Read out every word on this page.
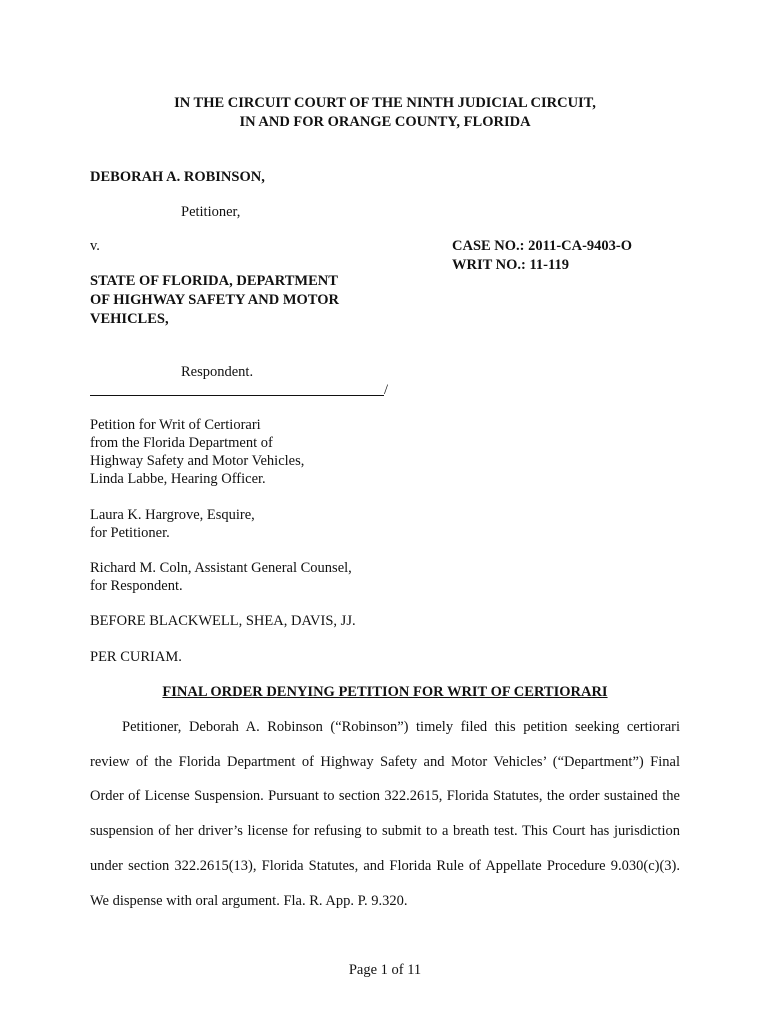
IN THE CIRCUIT COURT OF THE NINTH JUDICIAL CIRCUIT,
IN AND FOR ORANGE COUNTY, FLORIDA
DEBORAH A. ROBINSON,
Petitioner,
v.	CASE NO.: 2011-CA-9403-O
WRIT NO.: 11-119
STATE OF FLORIDA, DEPARTMENT
OF HIGHWAY SAFETY AND MOTOR
VEHICLES,
Respondent.
/
Petition for Writ of Certiorari
from the Florida Department of
Highway Safety and Motor Vehicles,
Linda Labbe, Hearing Officer.
Laura K. Hargrove, Esquire,
for Petitioner.
Richard M. Coln, Assistant General Counsel,
for Respondent.
BEFORE BLACKWELL, SHEA, DAVIS, JJ.
PER CURIAM.
FINAL ORDER DENYING PETITION FOR WRIT OF CERTIORARI
Petitioner, Deborah A. Robinson (“Robinson”) timely filed this petition seeking certiorari review of the Florida Department of Highway Safety and Motor Vehicles’ (“Department”) Final Order of License Suspension. Pursuant to section 322.2615, Florida Statutes, the order sustained the suspension of her driver’s license for refusing to submit to a breath test. This Court has jurisdiction under section 322.2615(13), Florida Statutes, and Florida Rule of Appellate Procedure 9.030(c)(3). We dispense with oral argument. Fla. R. App. P. 9.320.
Page 1 of 11
